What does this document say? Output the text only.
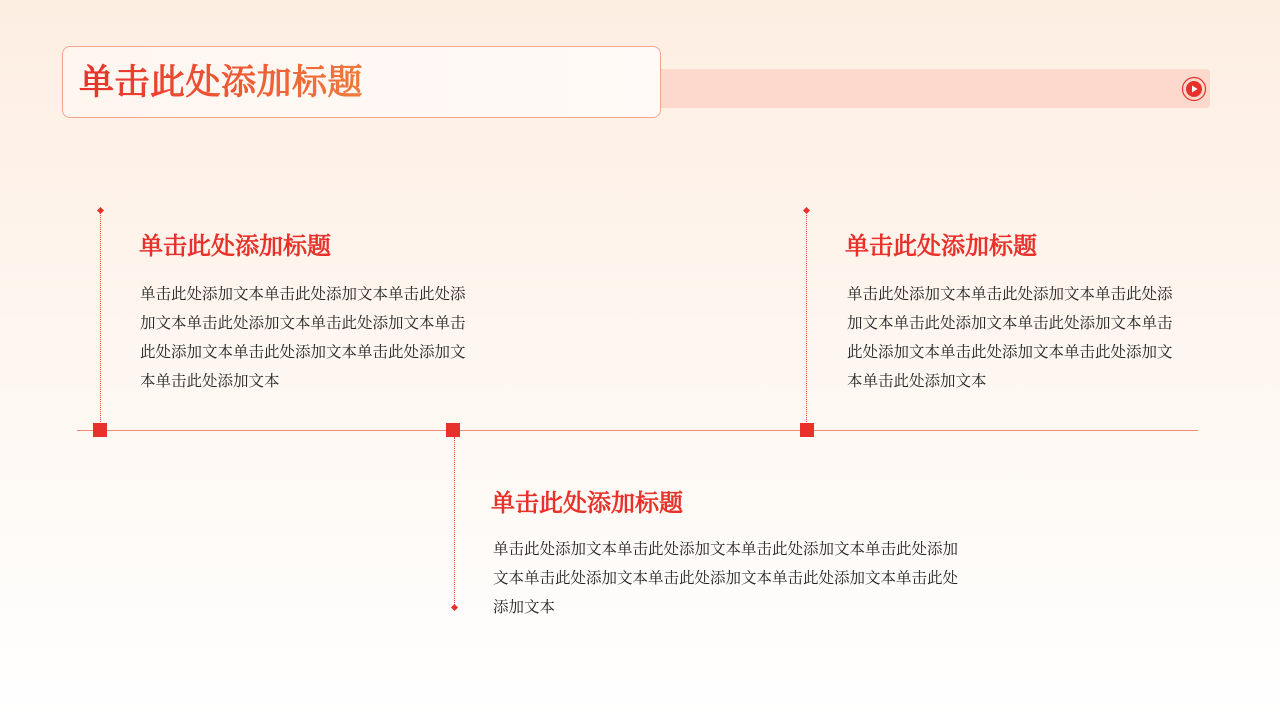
单击此处添加标题
单击此处添加标题

单击此处添加文本单击此处添加文本单击此处添加文本单击此处添加文本单击此处添加文本单击此处添加文本单击此处添加文本单击此处添加文本单击此处添加文本

单击此处添加标题

单击此处添加文本单击此处添加文本单击此处添加文本单击此处添加文本单击此处添加文本单击此处添加文本单击此处添加文本单击此处添加文本

单击此处添加标题

单击此处添加文本单击此处添加文本单击此处添加文本单击此处添加文本单击此处添加文本单击此处添加文本单击此处添加文本单击此处添加文本单击此处添加文本
